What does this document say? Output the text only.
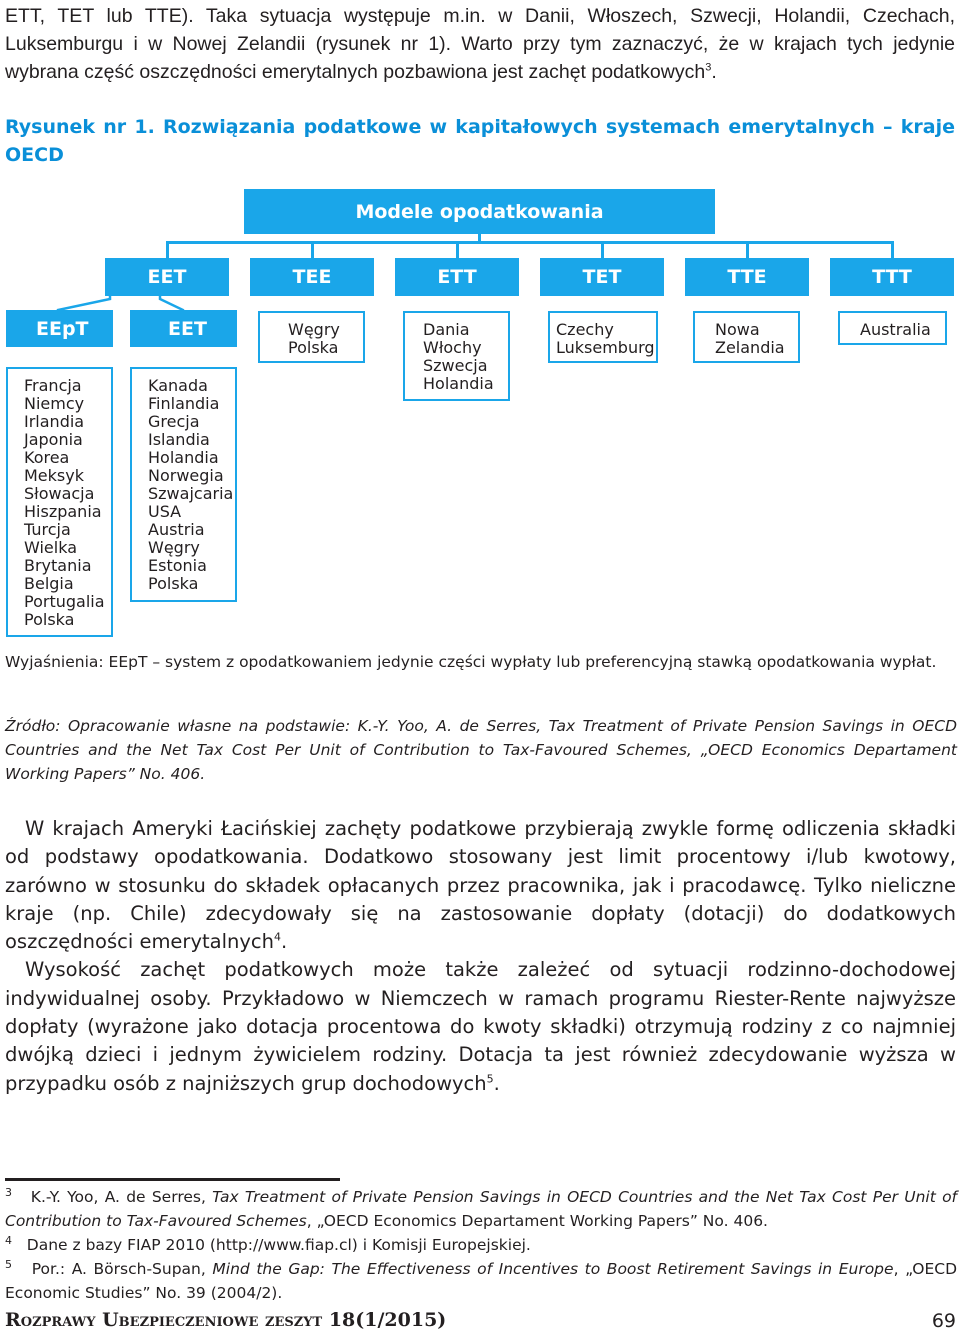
ETT, TET lub TTE). Taka sytuacja występuje m.in. w Danii, Włoszech, Szwecji, Holandii, Czechach, Luksemburgu i w Nowej Zelandii (rysunek nr 1). Warto przy tym zaznaczyć, że w krajach tych jedynie wybrana część oszczędności emerytalnych pozbawiona jest zachęt podatkowych$^3$.
Rysunek nr 1. Rozwiązania podatkowe w kapitałowych systemach emerytalnych – kraje OECD
Modele opodatkowania
EET	TEE	ETT	TET	TTE	TTT
EEpT
Francja
Niemcy
Irlandia
Japonia
Korea
Meksyk
Słowacja
Hiszpania
Turcja
Wielka
Brytania
Belgia
Portugalia
Polska
EET
Kanada
Finlandia
Grecja
Islandia
Holandia
Norwegia
Szwajcaria
USA
Austria
Węgry
Estonia
Polska
Węgry
Polska
Dania
Włochy
Szwecja
Holandia
Czechy
Luksemburg
Nowa
Zelandia
Australia
Wyjaśnienia: EEpT – system z opodatkowaniem jedynie części wypłaty lub preferencyjną stawką opodatkowania wypłat.
Źródło: Opracowanie własne na podstawie: K.-Y. Yoo, A. de Serres, Tax Treatment of Private Pension Savings in OECD Countries and the Net Tax Cost Per Unit of Contribution to Tax-Favoured Schemes, „OECD Economics Departament Working Papers” No. 406.

W krajach Ameryki Łacińskiej zachęty podatkowe przybierają zwykle formę odliczenia składki od podstawy opodatkowania. Dodatkowo stosowany jest limit procentowy i/lub kwotowy, zarówno w stosunku do składek opłacanych przez pracownika, jak i pracodawcę. Tylko nieliczne kraje (np. Chile) zdecydowały się na zastosowanie dopłaty (dotacji) do dodatkowych oszczędności emerytalnych$^4$.

Wysokość zachęt podatkowych może także zależeć od sytuacji rodzinno-dochodowej indywidualnej osoby. Przykładowo w Niemczech w ramach programu Riester-Rente najwyższe dopłaty (wyrażone jako dotacja procentowa do kwoty składki) otrzymują rodziny z co najmniej dwójką dzieci i jednym żywicielem rodziny. Dotacja ta jest również zdecydowanie wyższa w przypadku osób z najniższych grup dochodowych$^5$.

$^3$ K.-Y. Yoo, A. de Serres, Tax Treatment of Private Pension Savings in OECD Countries and the Net Tax Cost Per Unit of Contribution to Tax-Favoured Schemes, „OECD Economics Departament Working Papers” No. 406.
$^4$ Dane z bazy FIAP 2010 (http://www.fiap.cl) i Komisji Europejskiej.
$^5$ Por.: A. Börsch-Supan, Mind the Gap: The Effectiveness of Incentives to Boost Retirement Savings in Europe, „OECD Economic Studies” No. 39 (2004/2).
Rozprawy Ubezpieczeniowe zeszyt 18(1/2015)	69
